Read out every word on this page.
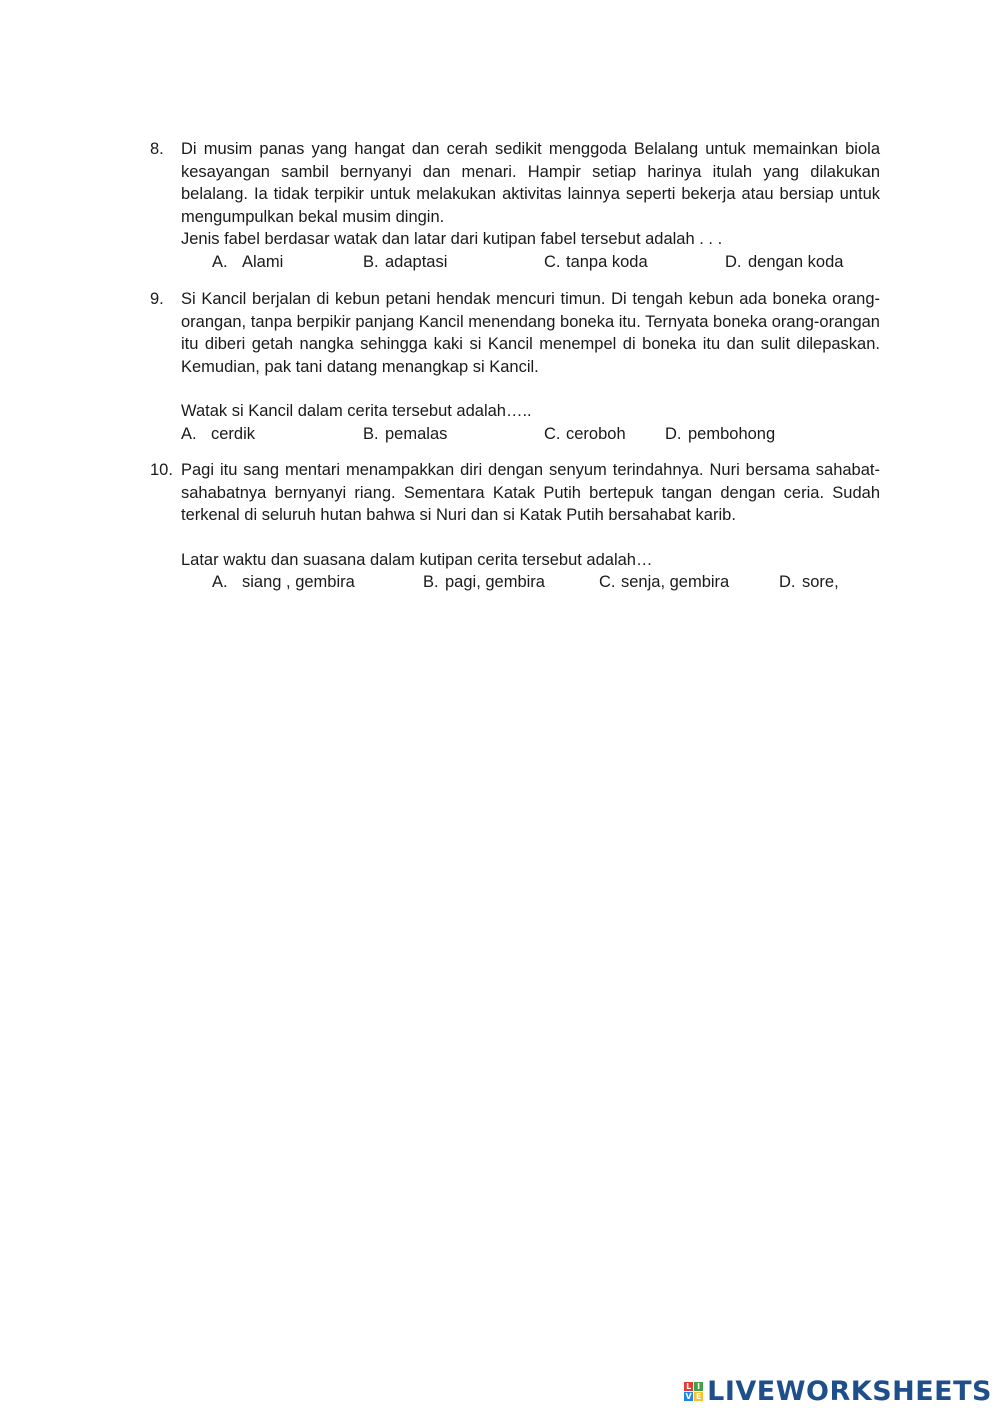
8. Di musim panas yang hangat dan cerah sedikit menggoda Belalang untuk memainkan biola kesayangan sambil bernyanyi dan menari. Hampir setiap harinya itulah yang dilakukan belalang. Ia tidak terpikir untuk melakukan aktivitas lainnya seperti bekerja atau bersiap untuk mengumpulkan bekal musim dingin.
Jenis fabel berdasar watak dan latar dari kutipan fabel tersebut adalah . . .
A. Alami	B. adaptasi	C. tanpa koda	D. dengan koda
9. Si Kancil berjalan di kebun petani hendak mencuri timun. Di tengah kebun ada boneka orang-orangan, tanpa berpikir panjang Kancil menendang boneka itu. Ternyata boneka orang-orangan itu diberi getah nangka sehingga kaki si Kancil menempel di boneka itu dan sulit dilepaskan. Kemudian, pak tani datang menangkap si Kancil.
Watak si Kancil dalam cerita tersebut adalah…..
A. cerdik	B. pemalas	C. ceroboh D. pembohong
10. Pagi itu sang mentari menampakkan diri dengan senyum terindahnya. Nuri bersama sahabat-sahabatnya bernyanyi riang. Sementara Katak Putih bertepuk tangan dengan ceria. Sudah terkenal di seluruh hutan bahwa si Nuri dan si Katak Putih bersahabat karib.
Latar waktu dan suasana dalam kutipan cerita tersebut adalah…
A. siang , gembira	B. pagi, gembira	C. senja, gembira	D. sore,
L I
V E LIVEWORKSHEETS
